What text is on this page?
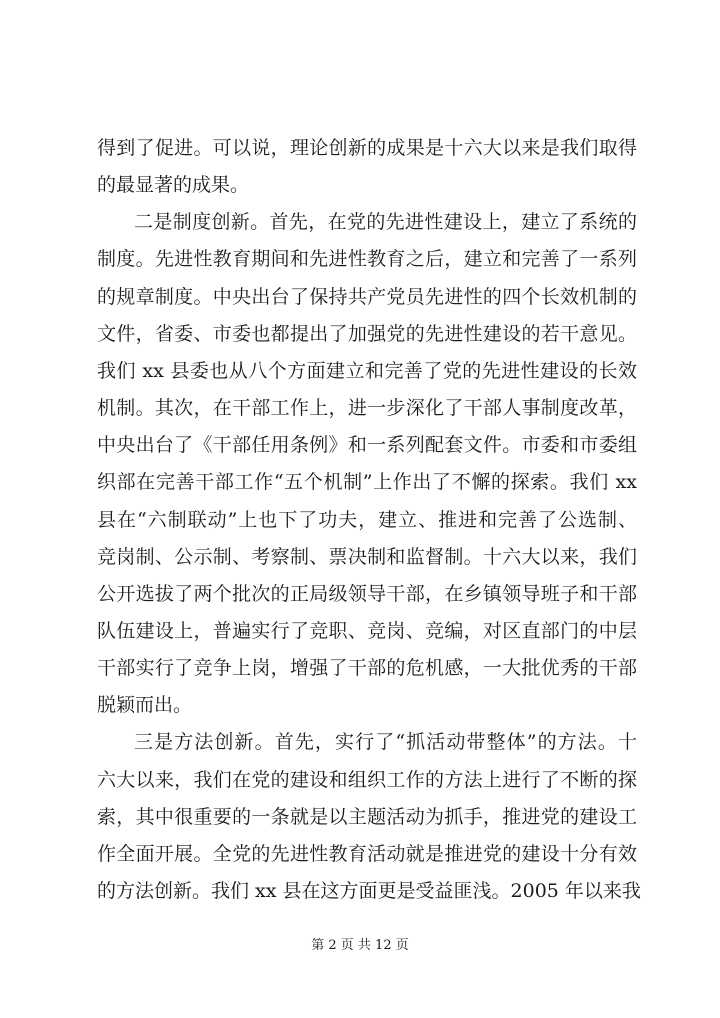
得到了促进。可以说，理论创新的成果是十六大以来是我们取得
的最显著的成果。
二是制度创新。首先，在党的先进性建设上，建立了系统的
制度。先进性教育期间和先进性教育之后，建立和完善了一系列
的规章制度。中央出台了保持共产党员先进性的四个长效机制的
文件，省委、市委也都提出了加强党的先进性建设的若干意见。
我们 xx 县委也从八个方面建立和完善了党的先进性建设的长效
机制。其次，在干部工作上，进一步深化了干部人事制度改革，
中央出台了《干部任用条例》和一系列配套文件。市委和市委组
织部在完善干部工作“五个机制”上作出了不懈的探索。我们 xx
县在“六制联动”上也下了功夫，建立、推进和完善了公选制、
竞岗制、公示制、考察制、票决制和监督制。十六大以来，我们
公开选拔了两个批次的正局级领导干部，在乡镇领导班子和干部
队伍建设上，普遍实行了竞职、竞岗、竞编，对区直部门的中层
干部实行了竞争上岗，增强了干部的危机感，一大批优秀的干部
脱颖而出。
三是方法创新。首先，实行了“抓活动带整体”的方法。十
六大以来，我们在党的建设和组织工作的方法上进行了不断的探
索，其中很重要的一条就是以主题活动为抓手，推进党的建设工
作全面开展。全党的先进性教育活动就是推进党的建设十分有效
的方法创新。我们 xx 县在这方面更是受益匪浅。2005 年以来我
第 2 页 共 12 页
